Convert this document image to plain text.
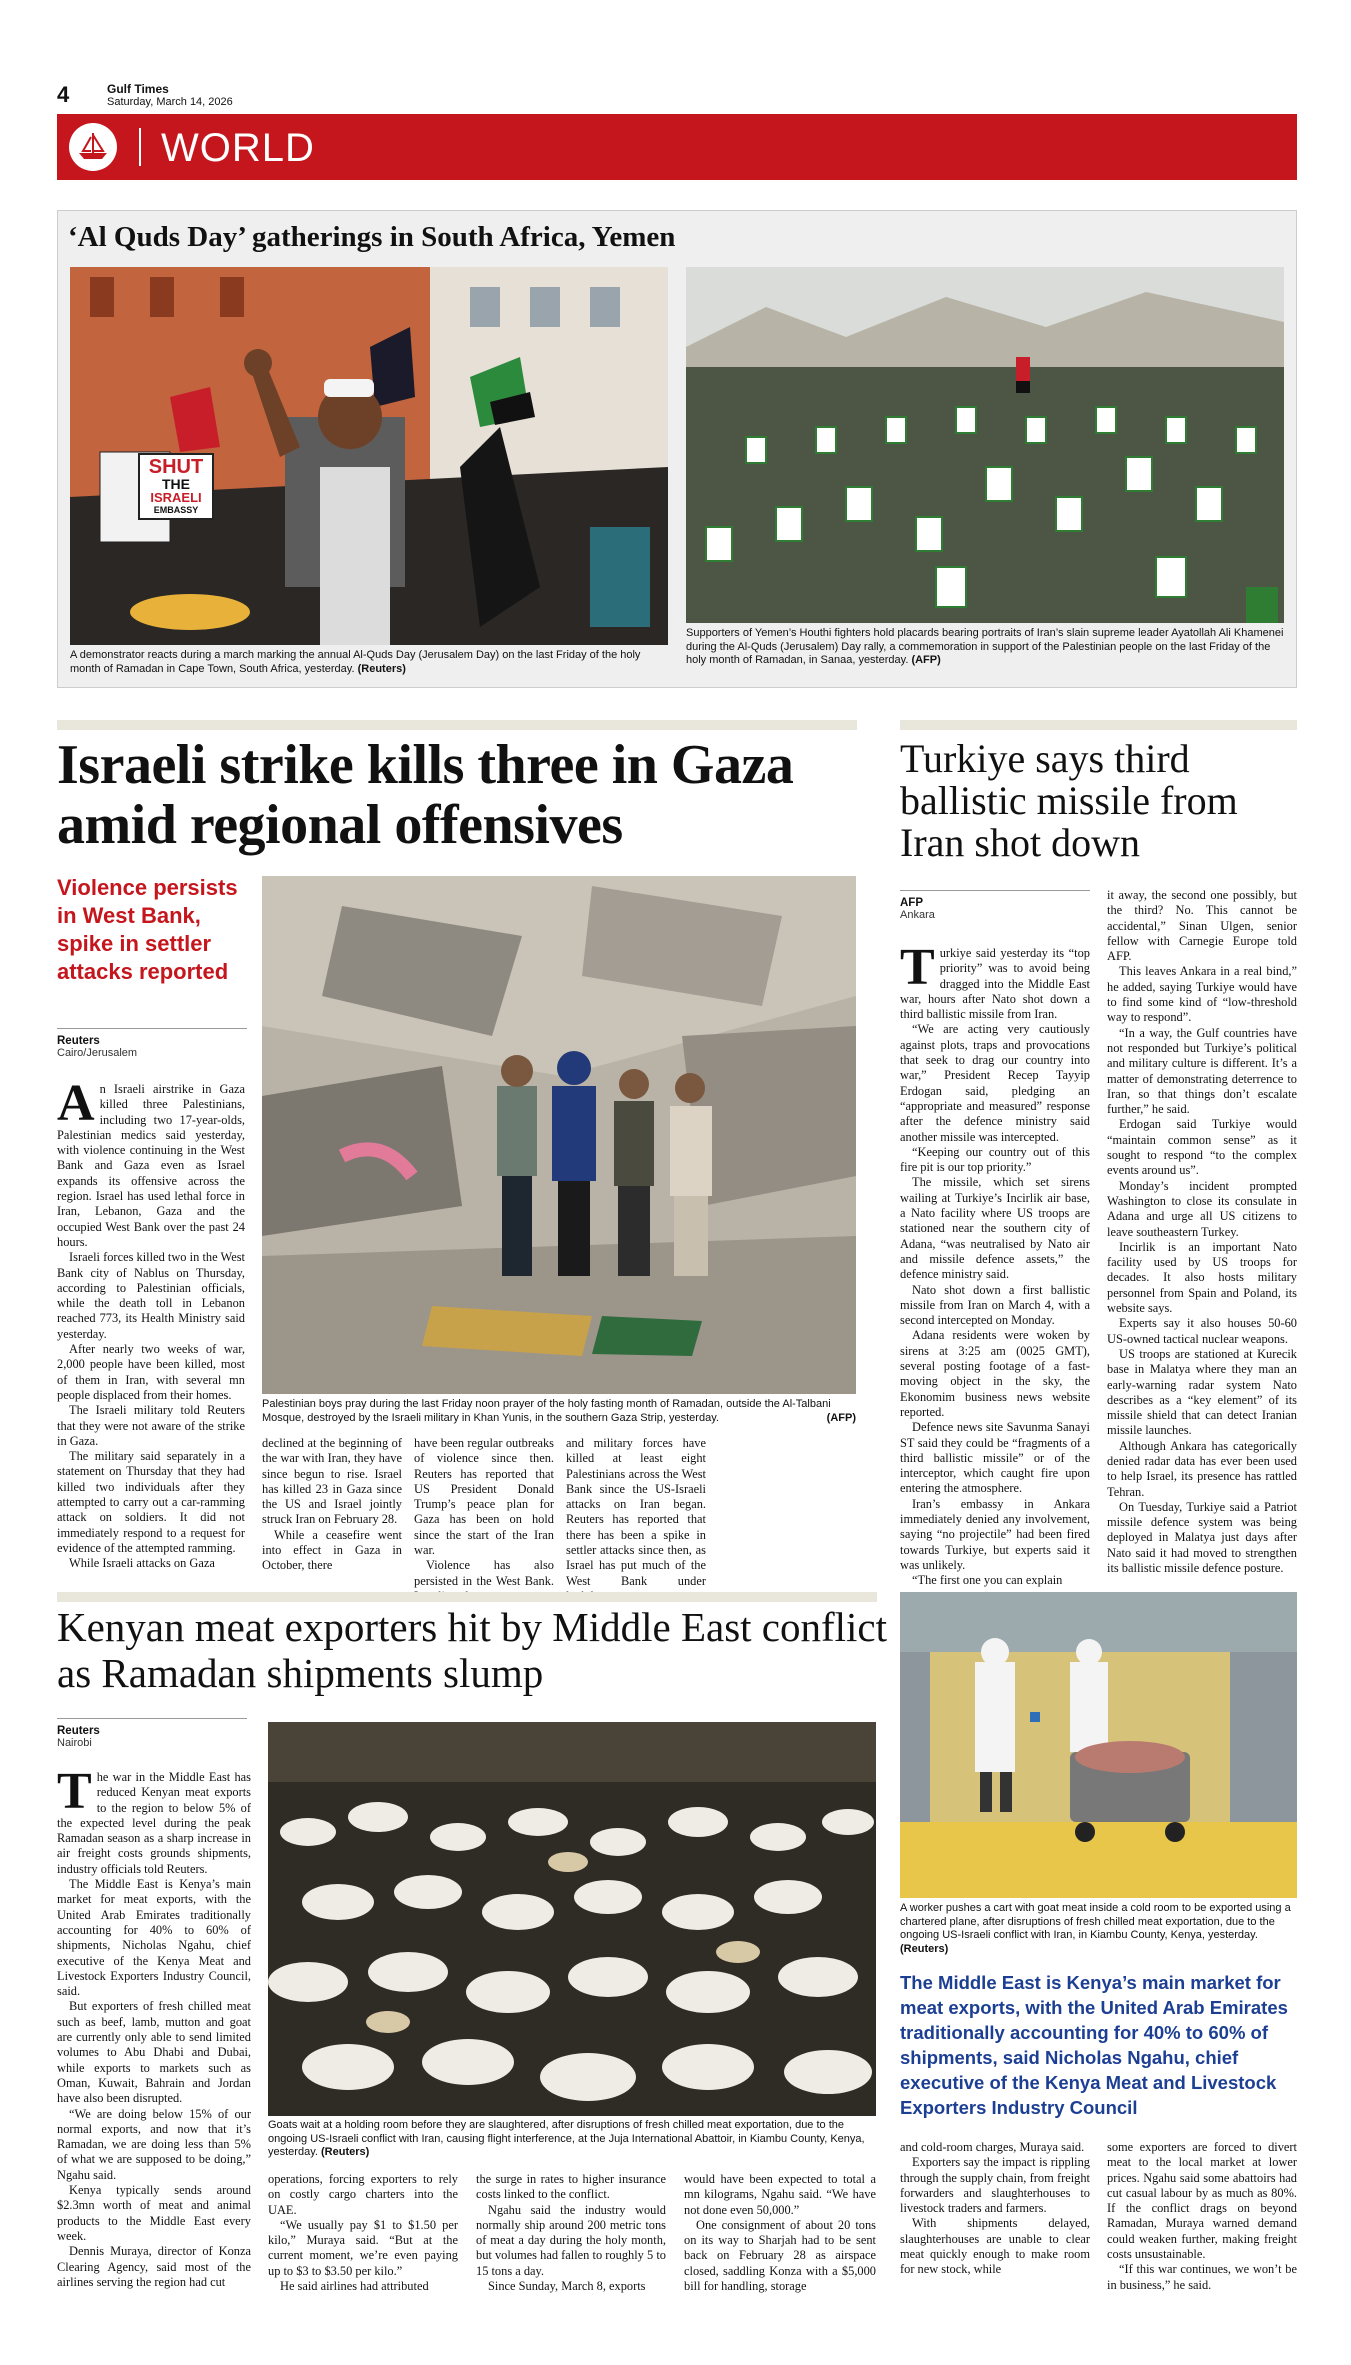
4	Gulf Times
Saturday, March 14, 2026
WORLD
‘Al Quds Day’ gatherings in South Africa, Yemen
SHUT
THE
ISRAELI
EMBASSY
A demonstrator reacts during a march marking the annual Al-Quds Day (Jerusalem Day) on the last Friday of the holy month of Ramadan in Cape Town, South Africa, yesterday. (Reuters)
Supporters of Yemen’s Houthi fighters hold placards bearing portraits of Iran’s slain supreme leader Ayatollah Ali Khamenei during the Al-Quds (Jerusalem) Day rally, a commemoration in support of the Palestinian people on the last Friday of the holy month of Ramadan, in Sanaa, yesterday. (AFP)
Israeli strike kills three in Gaza amid regional offensives
Violence persists in West Bank, spike in settler attacks reported
Reuters
Cairo/Jerusalem
Palestinian boys pray during the last Friday noon prayer of the holy fasting month of Ramadan, outside the Al-Talbani Mosque, destroyed by the Israeli military in Khan Yunis, in the southern Gaza Strip, yesterday.	(AFP)

An Israeli airstrike in Gaza killed three Palestinians, including two 17-year-olds, Palestinian medics said yesterday, with violence continuing in the West Bank and Gaza even as Israel expands its offensive across the region. Israel has used lethal force in Iran, Lebanon, Gaza and the occupied West Bank over the past 24 hours.

Israeli forces killed two in the West Bank city of Nablus on Thursday, according to Palestinian officials, while the death toll in Lebanon reached 773, its Health Ministry said yesterday.

After nearly two weeks of war, 2,000 people have been killed, most of them in Iran, with several mn people displaced from their homes.

The Israeli military told Reuters that they were not aware of the strike in Gaza.

The military said separately in a statement on Thursday that they had killed two individuals after they attempted to carry out a car-ramming attack on soldiers. It did not immediately respond to a request for evidence of the attempted ramming.

While Israeli attacks on Gaza

declined at the beginning of the war with Iran, they have since begun to rise. Israel has killed 23 in Gaza since the US and Israel jointly struck Iran on February 28.

While a ceasefire went into effect in Gaza in October, there

have been regular outbreaks of violence since then. Reuters has reported that US President Donald Trump’s peace plan for Gaza has been on hold since the start of the Iran war.

Violence has also persisted in the West Bank.

and military forces have killed at least eight Palestinians across the West Bank since the US-Israeli attacks on Iran began. Reuters has reported that there has been a spike in settler attacks since then, as Israel has put much of the West Bank under

Turkiye says third ballistic missile from Iran shot down
AFP
Ankara

Turkiye said yesterday its “top priority” was to avoid being dragged into the Middle East war, hours after Nato shot down a third ballistic missile from Iran.

“We are acting very cautiously against plots, traps and provocations that seek to drag our country into war,” President Recep Tayyip Erdogan said, pledging an “appropriate and measured” response after the defence ministry said another missile was intercepted.

“Keeping our country out of this fire pit is our top priority.”

The missile, which set sirens wailing at Turkiye’s Incirlik air base, a Nato facility where US troops are stationed near the southern city of Adana, “was neutralised by Nato air and missile defence assets,” the defence ministry said.

Nato shot down a first ballistic missile from Iran on March 4, with a second intercepted on Monday.

Adana residents were woken by sirens at 3:25 am (0025 GMT), several posting footage of a fast-moving object in the sky, the Ekonomim business news website reported.

Defence news site Savunma Sanayi ST said they could be “fragments of a third ballistic missile” or of the interceptor, which caught fire upon entering the atmosphere.

Iran’s embassy in Ankara immediately denied any involvement, saying “no projectile” had been fired towards Turkiye, but experts said it was unlikely.

“The first one you can explain

it away, the second one possibly, but the third? No. This cannot be accidental,” Sinan Ulgen, senior fellow with Carnegie Europe told AFP.

This leaves Ankara in a real bind,” he added, saying Turkiye would have to find some kind of “low-threshold way to respond”.

“In a way, the Gulf countries have not responded but Turkiye’s political and military culture is different. It’s a matter of demonstrating deterrence to Iran, so that things don’t escalate further,” he said.

Erdogan said Turkiye would “maintain common sense” as it sought to respond “to the complex events around us”.

Monday’s incident prompted Washington to close its consulate in Adana and urge all US citizens to leave southeastern Turkey.

Incirlik is an important Nato facility used by US troops for decades. It also hosts military personnel from Spain and Poland, its website says.

Experts say it also houses 50-60 US-owned tactical nuclear weapons.

US troops are stationed at Kurecik base in Malatya where they man an early-warning radar system Nato describes as a “key element” of its missile shield that can detect Iranian missile launches.

Although Ankara has categorically denied radar data has ever been used to help Israel, its presence has rattled Tehran.

On Tuesday, Turkiye said a Patriot missile defence system was being deployed in Malatya just days after Nato said it had moved to strengthen its ballistic missile defence posture.

Kenyan meat exporters hit by Middle East conflict as Ramadan shipments slump
Reuters
Nairobi
Goats wait at a holding room before they are slaughtered, after disruptions of fresh chilled meat exportation, due to the ongoing US-Israeli conflict with Iran, causing flight interference, at the Juja International Abattoir, in Kiambu County, Kenya, yesterday. (Reuters)

The war in the Middle East has reduced Kenyan meat exports to the region to below 5% of the expected level during the peak Ramadan season as a sharp increase in air freight costs grounds shipments, industry officials told Reuters.

The Middle East is Kenya’s main market for meat exports, with the United Arab Emirates traditionally accounting for 40% to 60% of shipments, Nicholas Ngahu, chief executive of the Kenya Meat and Livestock Exporters Industry Council, said.

But exporters of fresh chilled meat such as beef, lamb, mutton and goat are currently only able to send limited volumes to Abu Dhabi and Dubai, while exports to markets such as Oman, Kuwait, Bahrain and Jordan have also been disrupted.

“We are doing below 15% of our normal exports, and now that it’s Ramadan, we are doing less than 5% of what we are supposed to be doing,” Ngahu said.

Kenya typically sends around $2.3mn worth of meat and animal products to the Middle East every week.

Dennis Muraya, director of Konza Clearing Agency, said most of the airlines serving the region had cut

operations, forcing exporters to rely on costly cargo charters into the UAE.

“We usually pay $1 to $1.50 per kilo,” Muraya said. “But at the current moment, we’re even paying up to $3 to $3.50 per kilo.”

He said airlines had attributed

the surge in rates to higher insurance costs linked to the conflict.

Ngahu said the industry would normally ship around 200 metric tons of meat a day during the holy month, but volumes had fallen to roughly 5 to 15 tons a day.

Since Sunday, March 8, exports

would have been expected to total a mn kilograms, Ngahu said. “We have not done even 50,000.”

One consignment of about 20 tons on its way to Sharjah had to be sent back on February 28 as airspace closed, saddling Konza with a $5,000 bill for handling, storage

A worker pushes a cart with goat meat inside a cold room to be exported using a chartered plane, after disruptions of fresh chilled meat exportation, due to the ongoing US-Israeli conflict with Iran, in Kiambu County, Kenya, yesterday. (Reuters)
The Middle East is Kenya’s main market for meat exports, with the United Arab Emirates traditionally accounting for 40% to 60% of shipments, said Nicholas Ngahu, chief executive of the Kenya Meat and Livestock Exporters Industry Council

and cold-room charges, Muraya said.

Exporters say the impact is rippling through the supply chain, from freight forwarders and slaughterhouses to livestock traders and farmers.

With shipments delayed, slaughterhouses are unable to clear meat quickly enough to make room for new stock, while

some exporters are forced to divert meat to the local market at lower prices. Ngahu said some abattoirs had cut casual labour by as much as 80%. If the conflict drags on beyond Ramadan, Muraya warned demand could weaken further, making freight costs unsustainable.

“If this war continues, we won’t be in business,” he said.
